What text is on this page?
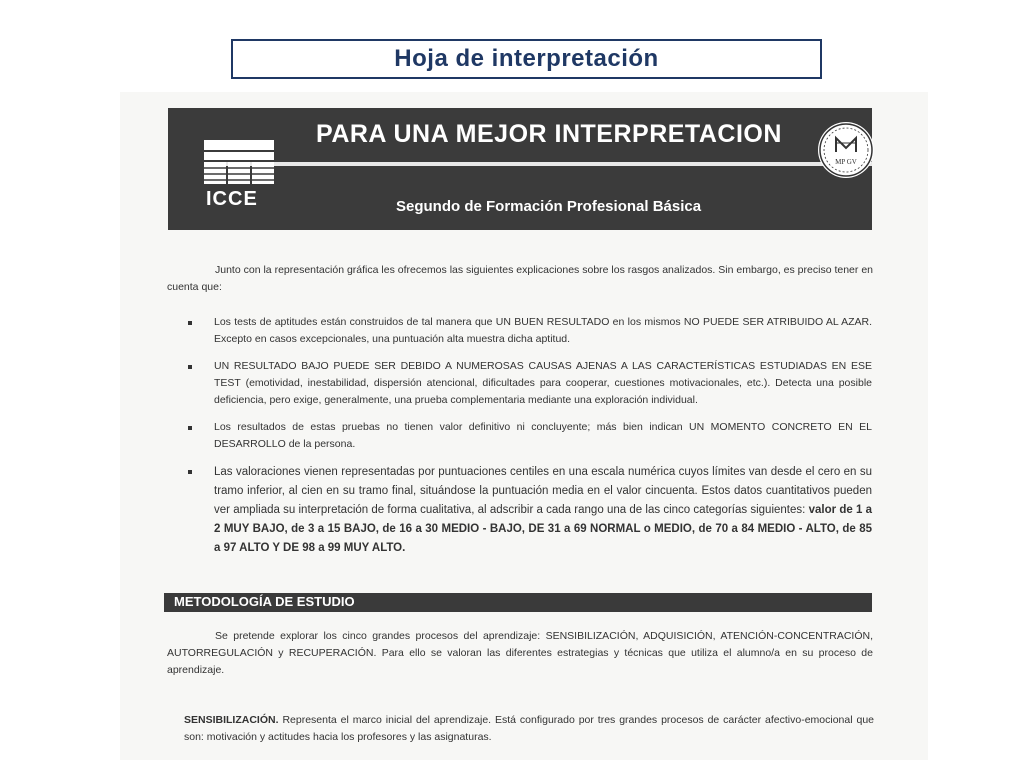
Hoja de interpretación
ICCE
PARA UNA MEJOR INTERPRETACION
Segundo de Formación Profesional Básica
MP GV
Junto con la representación gráfica les ofrecemos las siguientes explicaciones sobre los rasgos analizados. Sin embargo, es preciso tener en cuenta que:
Los tests de aptitudes están construidos de tal manera que UN BUEN RESULTADO en los mismos NO PUEDE SER ATRIBUIDO AL AZAR. Excepto en casos excepcionales, una puntuación alta muestra dicha aptitud.
UN RESULTADO BAJO PUEDE SER DEBIDO A NUMEROSAS CAUSAS AJENAS A LAS CARACTERÍSTICAS ESTUDIADAS EN ESE TEST (emotividad, inestabilidad, dispersión atencional, dificultades para cooperar, cuestiones motivacionales, etc.). Detecta una posible deficiencia, pero exige, generalmente, una prueba complementaria mediante una exploración individual.
Los resultados de estas pruebas no tienen valor definitivo ni concluyente; más bien indican UN MOMENTO CONCRETO EN EL DESARROLLO de la persona.
Las valoraciones vienen representadas por puntuaciones centiles en una escala numérica cuyos límites van desde el cero en su tramo inferior, al cien en su tramo final, situándose la puntuación media en el valor cincuenta. Estos datos cuantitativos pueden ver ampliada su interpretación de forma cualitativa, al adscribir a cada rango una de las cinco categorías siguientes: valor de 1 a 2 MUY BAJO, de 3 a 15 BAJO, de 16 a 30 MEDIO - BAJO, DE 31 a 69 NORMAL o MEDIO, de 70 a 84 MEDIO - ALTO, de 85 a 97 ALTO Y DE 98 a 99 MUY ALTO.
METODOLOGÍA DE ESTUDIO
Se pretende explorar los cinco grandes procesos del aprendizaje: SENSIBILIZACIÓN, ADQUISICIÓN, ATENCIÓN-CONCENTRACIÓN, AUTORREGULACIÓN y RECUPERACIÓN. Para ello se valoran las diferentes estrategias y técnicas que utiliza el alumno/a en su proceso de aprendizaje.
SENSIBILIZACIÓN. Representa el marco inicial del aprendizaje. Está configurado por tres grandes procesos de carácter afectivo-emocional que son: motivación y actitudes hacia los profesores y las asignaturas.
